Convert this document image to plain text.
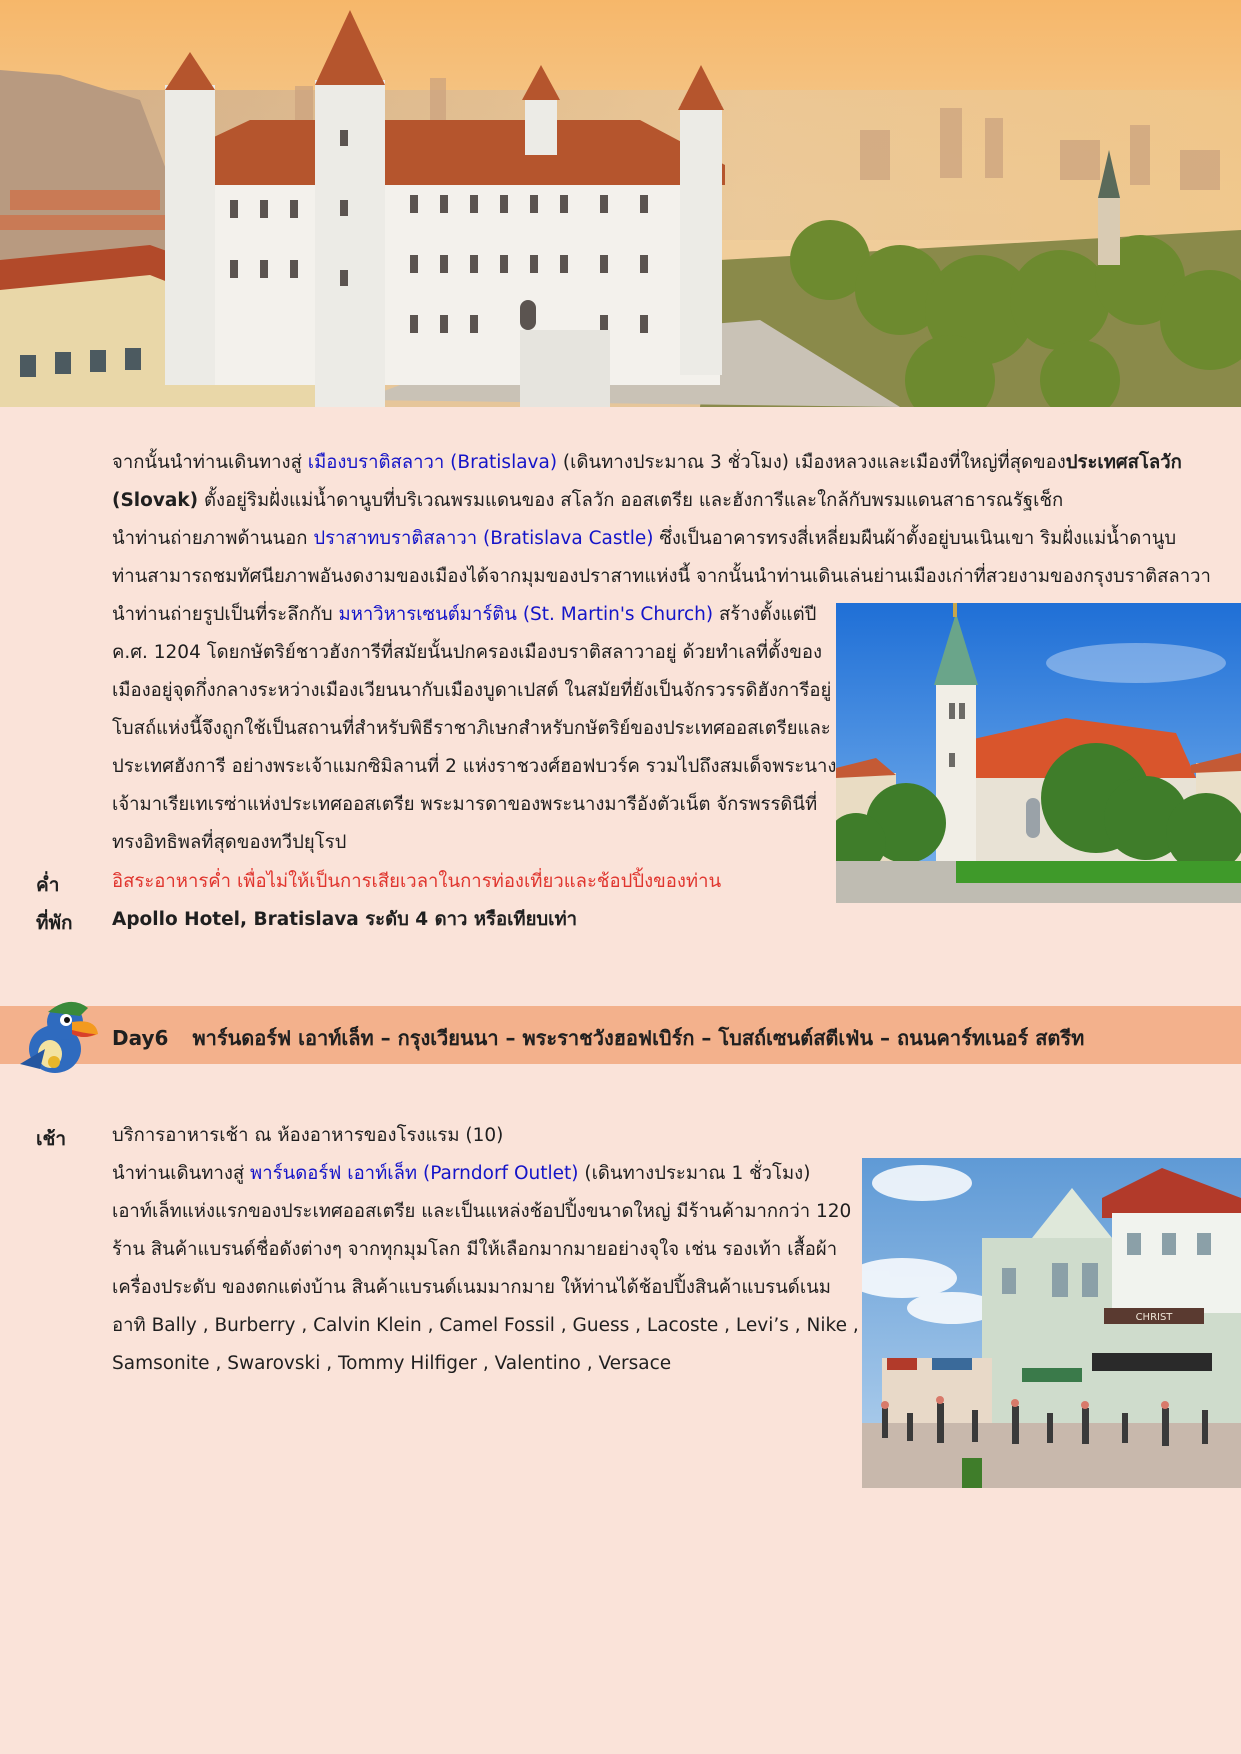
จากนั้นนำท่านเดินทางสู่ เมืองบราติสลาวา (Bratislava) (เดินทางประมาณ 3 ชั่วโมง) เมืองหลวงและเมืองที่ใหญ่ที่สุดของประเทศสโลวัก

(Slovak) ตั้งอยู่ริมฝั่งแม่น้ำดานูบที่บริเวณพรมแดนของ สโลวัก ออสเตรีย และฮังการีและใกล้กับพรมแดนสาธารณรัฐเช็ก

นำท่านถ่ายภาพด้านนอก ปราสาทบราติสลาวา (Bratislava Castle) ซึ่งเป็นอาคารทรงสี่เหลี่ยมผืนผ้าตั้งอยู่บนเนินเขา ริมฝั่งแม่น้ำดานูบ

ท่านสามารถชมทัศนียภาพอันงดงามของเมืองได้จากมุมของปราสาทแห่งนี้ จากนั้นนำท่านเดินเล่นย่านเมืองเก่าที่สวยงามของกรุงบราติสลาวา

นำท่านถ่ายรูปเป็นที่ระลึกกับ มหาวิหารเซนต์มาร์ติน (St. Martin's Church) สร้างตั้งแต่ปี

ค.ศ. 1204 โดยกษัตริย์ชาวฮังการีที่สมัยนั้นปกครองเมืองบราติสลาวาอยู่ ด้วยทำเลที่ตั้งของ

เมืองอยู่จุดกึ่งกลางระหว่างเมืองเวียนนากับเมืองบูดาเปสต์ ในสมัยที่ยังเป็นจักรวรรดิฮังการีอยู่

โบสถ์แห่งนี้จึงถูกใช้เป็นสถานที่สำหรับพิธีราชาภิเษกสำหรับกษัตริย์ของประเทศออสเตรียและ

ประเทศฮังการี อย่างพระเจ้าแมกซิมิลานที่ 2 แห่งราชวงศ์ฮอฟบวร์ค รวมไปถึงสมเด็จพระนาง

เจ้ามาเรียเทเรซ่าแห่งประเทศออสเตรีย พระมารดาของพระนางมารีอังตัวเน็ต จักรพรรดินีที่

ทรงอิทธิพลที่สุดของทวีปยุโรป

ค่ำ	อิสระอาหารค่ำ เพื่อไม่ให้เป็นการเสียเวลาในการท่องเที่ยวและช้อปปิ้งของท่าน
ที่พัก Apollo Hotel, Bratislava ระดับ 4 ดาว หรือเทียบเท่า
Day6 พาร์นดอร์ฟ เอาท์เล็ท – กรุงเวียนนา – พระราชวังฮอฟเบิร์ก – โบสถ์เซนต์สตีเฟ่น – ถนนคาร์ทเนอร์ สตรีท
เช้า บริการอาหารเช้า ณ ห้องอาหารของโรงแรม (10)

นำท่านเดินทางสู่ พาร์นดอร์ฟ เอาท์เล็ท (Parndorf Outlet) (เดินทางประมาณ 1 ชั่วโมง)

เอาท์เล็ทแห่งแรกของประเทศออสเตรีย และเป็นแหล่งช้อปปิ้งขนาดใหญ่ มีร้านค้ามากกว่า 120

ร้าน สินค้าแบรนด์ชื่อดังต่างๆ จากทุกมุมโลก มีให้เลือกมากมายอย่างจุใจ เช่น รองเท้า เสื้อผ้า

เครื่องประดับ ของตกแต่งบ้าน สินค้าแบรนด์เนมมากมาย ให้ท่านได้ช้อปปิ้งสินค้าแบรนด์เนม

อาทิ Bally , Burberry , Calvin Klein , Camel Fossil , Guess , Lacoste , Levi’s , Nike ,

Samsonite , Swarovski , Tommy Hilfiger , Valentino , Versace

CHRIST
